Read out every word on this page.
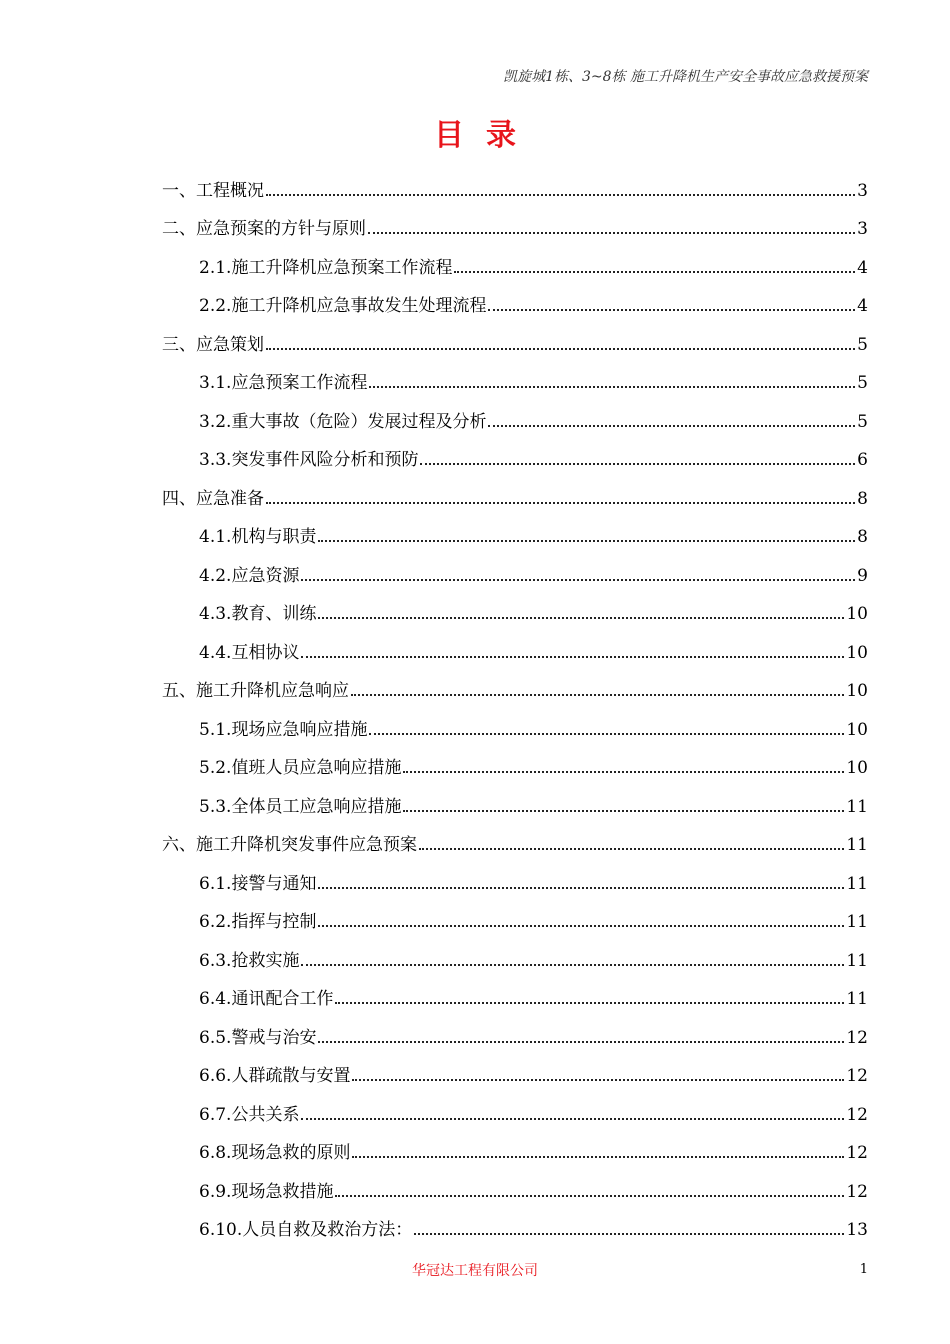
凯旋城1栋、3~8栋 施工升降机生产安全事故应急救援预案
目录
一、工程概况	3
二、应急预案的方针与原则	3
2.1.施工升降机应急预案工作流程	4
2.2.施工升降机应急事故发生处理流程	4
三、应急策划	5
3.1.应急预案工作流程	5
3.2.重大事故（危险）发展过程及分析	5
3.3.突发事件风险分析和预防	6
四、应急准备	8
4.1.机构与职责	8
4.2.应急资源	9
4.3.教育、训练	10
4.4.互相协议	10
五、施工升降机应急响应	10
5.1.现场应急响应措施	10
5.2.值班人员应急响应措施	10
5.3.全体员工应急响应措施	11
六、施工升降机突发事件应急预案	11
6.1.接警与通知	11
6.2.指挥与控制	11
6.3.抢救实施	11
6.4.通讯配合工作	11
6.5.警戒与治安	12
6.6.人群疏散与安置	12
6.7.公共关系	12
6.8.现场急救的原则	12
6.9.现场急救措施	12
6.10.人员自救及救治方法：	13
华冠达工程有限公司	1
